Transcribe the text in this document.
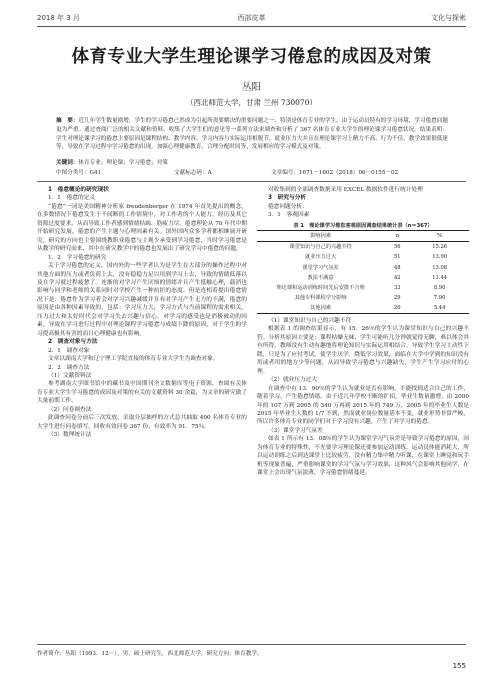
2018 年 3 月	西部皮革	文化与探索
体育专业大学生理论课学习倦怠的成因及对策
丛阳
（西北师范大学，甘肃 兰州 730070）
摘　要：近几年学生数量剧增，学生的学习倦怠已然成为引起所需要解决的重要问题之一，特别是体育专业的学生，由于运动员特有的学习环境，学习倦怠问题更为严重。通过查阅广泛的相关文献和资料，收集了大学生们的意见等一系列方法来调查和分析了 367 名体育专业大学生的理论课学习倦怠状况。结果表明：学生对理论课学习的倦怠主要原因是课程结构、教学内容、学习内容与实际运用相脱节，就业压力大并且在理论课学习上精力不高、行为不佳，教学效果很低迷等，导致在学习过程中学习倦怠的出现，加强心理健康教育、合理分配时间等，发展相应的学习模式及对策。
关键词：体育专业；理论课；学习倦怠；对策
中图分类号：G41	文献标志码：A	文章编号：1671－1602（2018）06－0155－02

1　倦怠概论的研究现状

1．1　倦怠的定义

“倦怠”一词是美国精神分析家 freudenberger 在 1974 年首先提出的概念，在多数情况下倦怠发生于不间断的工作情境中，对工作者的个人能力、经历及其它资源过度要求，从而导致工作者感到情绪枯竭、筋疲力尽。倦怠理论从 70 年代中期开始研究发展，倦怠的产生主题与心理因素有关。国外国内众多学者都相继展开研究，研究的方向也主要围绕教职业倦怠与主观少承受到学习倦怠，当时学习倦怠是从教学的研究而来，其中在研究教学中的倦怠也发展出了研究学习中倦怠的问题。

1．2　学习倦怠的研究

关于学习倦怠的定义，国内外的一些学者认为是学生在大部分的操作过程中对其他方面的压力或者负荷上太，没有稳稳力足以用到学习上去，导致的情绪低落以及在学习就过程疲惫了。连渐的对学习产生厌烦的情绪并且产生抵触心理，载消也影响与同学和老师的关系同时对学校产生一种抗拒的态度。但是连相着提出倦怠情况下是：倦怠作为学习者会对学习兴趣减缓并且有对学习产生无力的不满，倦怠的原因是由各种因素导致的，包括：学习压力大，学习方式与当前课程的需求相关，压力过大和太好时代会对学习失去兴趣与信心，对学习的感受也是消极被动的因素，导致在学习进行过程中对理论课程学习倦怠与成绩下降的原因，对于学生的学习提高极其有害的而且心理健康也有影响。

2　调查对象与方法

2．1　调查对象

文章以湖南大学和辽宁理工学院直接的体育专业大学生为调查对象。

2．2　调查方法

（1）文献资料法

参考湖南大学图书馆中的藏书及中国期刊全文数据库等电子资源，查阅有关体育专业大学生学习倦怠的成因及对策的有关的文献资料 30 余篇，为文章的研究做了大量前期工作。

（2）问卷调查法

此调查问卷分前后三次发放，采取分层抽样的方式总共抽取 400 名体育专业的大学生进行问卷填写，回收有效问卷 367 份，有效率为 91．75％。

（3）数理统计法

对收集到的全部调查数据采用 EXCEL 数据软件进行统计处理

3　研究与分析

倦怠问题分析：

3．1　客观因素

表 1　理论课学习倦怠客观原因调查结果统计表（n＝367）
影响因素	n	%
课堂知识与自己的兴趣不符	56	15.26
就业压力过大	51	13.90
课堂学习气氛差	48	13.08
教法不满意	42	11.44
理论课和运动训练时间先后安排不合理	33	8.90
其他专科课程学分影响	29	7.90
其他因素	20	5.44

（1）课堂知识与自己的兴趣不符

根据表 1 的调查结果显示，有 15．26％的学生认为课堂知识与自己的兴趣不符。分析其原因主要是：课程枯燥无味，学生可能听几分钟就觉得无聊，难以体会其有所得，教师没有生动有趣地将理论知识与实际运用相结合，导致学生学习主动性下降，只是为了应付考试，使学生厌学，降低学习效果，面临在大学中学到的知识没有用或者用的地方少等问题，从而导致学习倦怠与兴趣缺失，学生产生学习应付的心理。

（2）就业压力过大

在调查中有 13．90％的学生认为就业是否有影响，不能找到适合自己的工作，随着学习，产生倦怠情绪。由于近几年学校不断的扩招，毕业生数量激增。由 2000 年的 107 万到 2005 的 340 万再到 2015 年的 749 万，2005 年的毕业生人数是 2015 年毕业生人数的 1/7 不到，然而就业岗位数量基本不变，就业形势非常严峻，所以许多体育专业的同学们对于学习没有兴趣，产生了对学习的倦怠。

（3）课堂学习气氛差

如表 1 所示有 13．08％的学生认为课堂学习气氛差是导致学习倦怠的原因，因为体育专业的特殊性，不光要学习理论课还要参加运动训练，运动员体能消耗大，所以运动训练之后到达课堂上比较疲劳，没有精力集中精力听课，在课堂上睡觉和玩手机等现象普遍，严重影响课堂的学习气氛与学习效果，这种风气会影响其他同学，在课堂上会出现气氛淡薄，学习倦怠情绪蔓延。

作者简介：丛阳（1993．12－），男，硕士研究生，西北师范大学，研究方向：体育教学。
155
